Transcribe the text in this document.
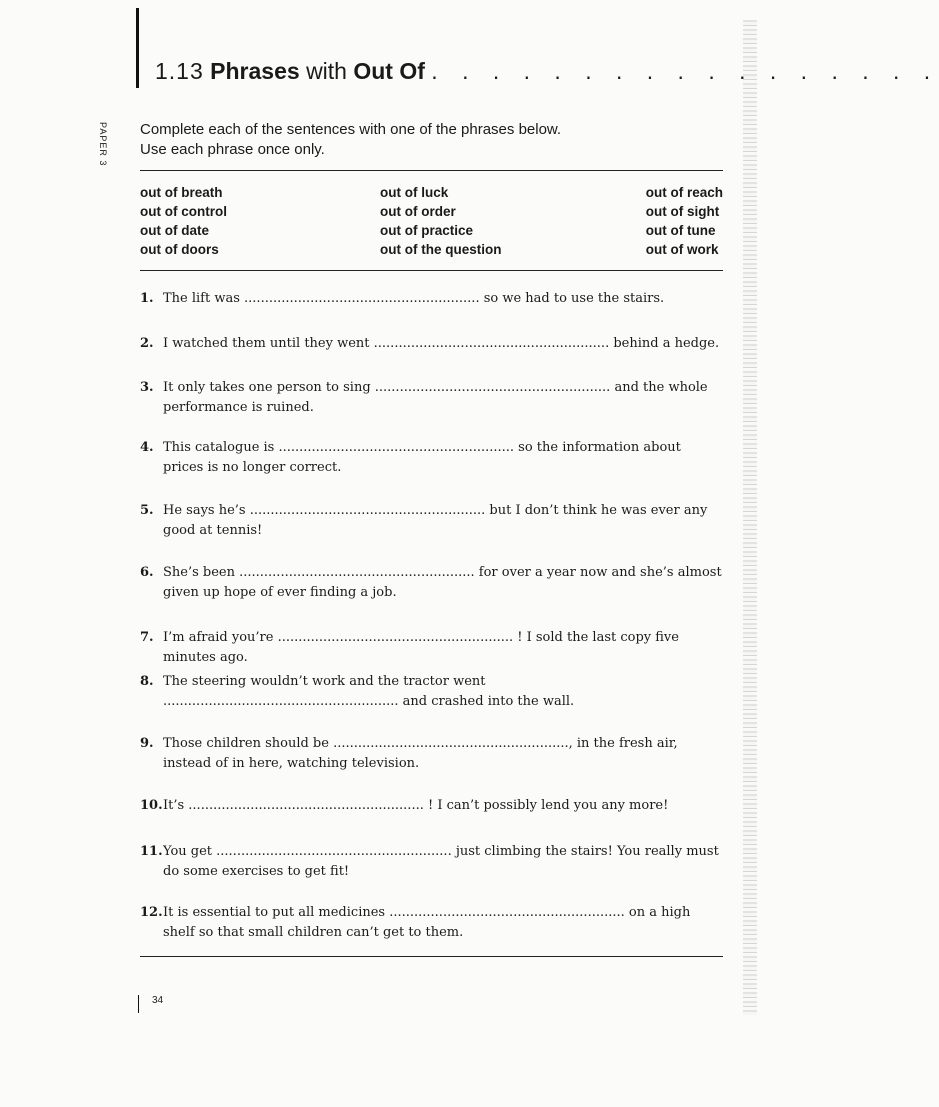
1.13 Phrases with Out Of . . . . . . . . . . . . . . . . .
PAPER 3 Complete each of the sentences with one of the phrases below.
Use each phrase once only.
out of breath
out of control
out of date
out of doors
out of luck
out of order
out of practice
out of the question
out of reach
out of sight
out of tune
out of work
1. The lift was ......................................................... so we had to use the stairs.
2. I watched them until they went ......................................................... behind a hedge.
3. It only takes one person to sing ......................................................... and the whole performance is ruined.
4. This catalogue is ......................................................... so the information about prices is no longer correct.
5. He says he’s ......................................................... but I don’t think he was ever any good at tennis!
6. She’s been ......................................................... for over a year now and she’s almost given up hope of ever finding a job.
7. I’m afraid you’re ......................................................... ! I sold the last copy five minutes ago.
8. The steering wouldn’t work and the tractor went ......................................................... and crashed into the wall.
9. Those children should be ........................................................., in the fresh air, instead of in here, watching television.
10. It’s ......................................................... ! I can’t possibly lend you any more!
11. You get ......................................................... just climbing the stairs! You really must do some exercises to get fit!
12. It is essential to put all medicines ......................................................... on a high shelf so that small children can’t get to them.
34
